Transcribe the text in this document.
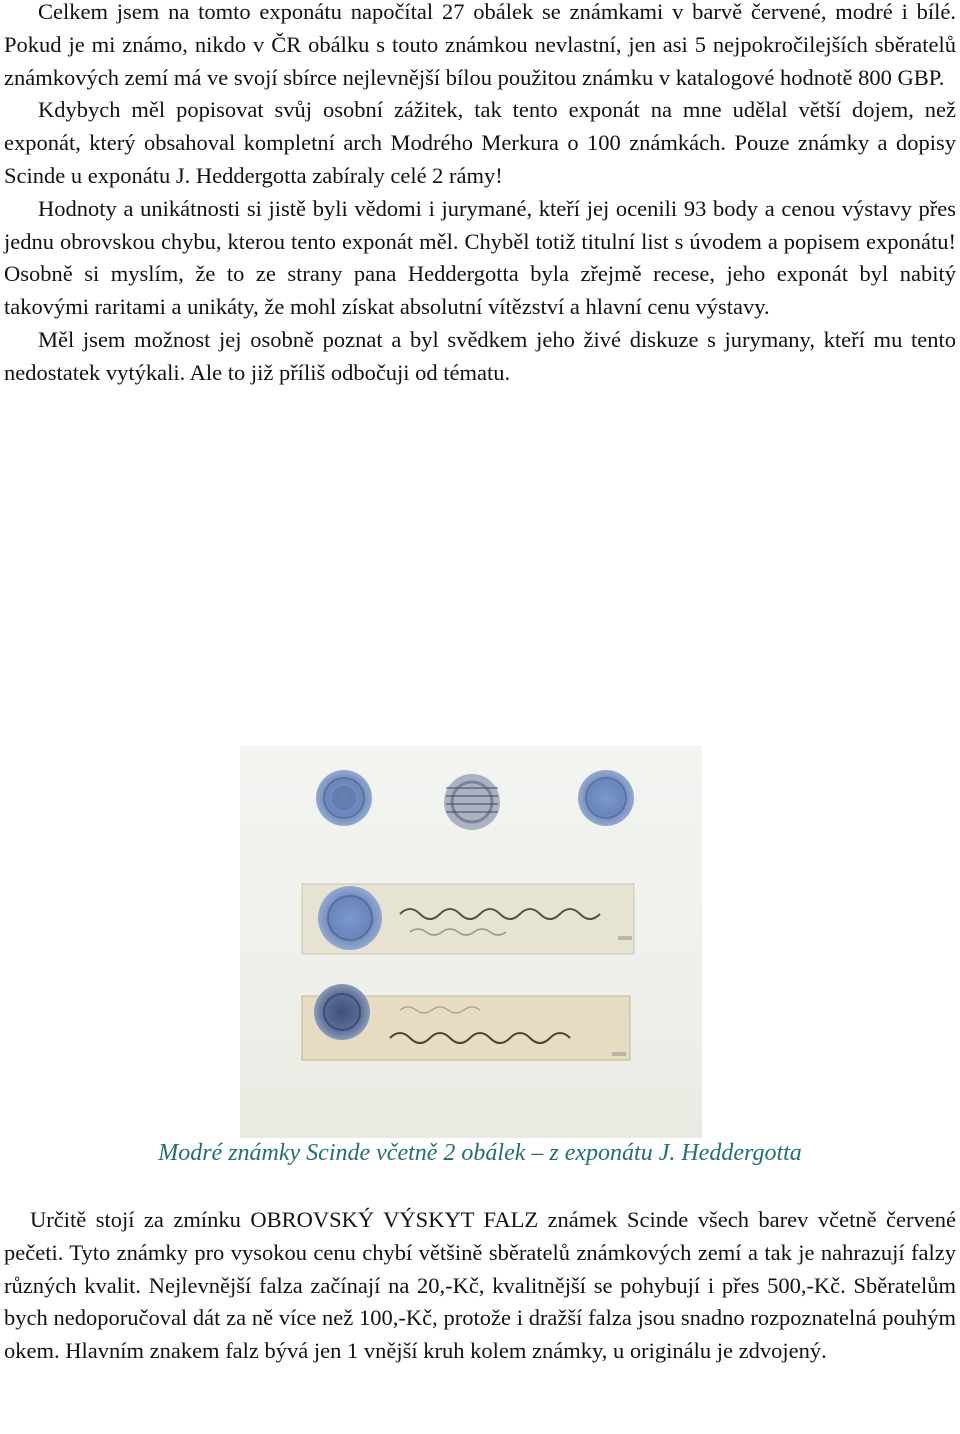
Celkem jsem na tomto exponátu napočítal 27 obálek se známkami v barvě červené, modré i bílé. Pokud je mi známo, nikdo v ČR obálku s touto známkou nevlastní, jen asi 5 nejpokročilejších sběratelů známkových zemí má ve svojí sbírce nejlevnější bílou použitou známku v katalogové hodnotě 800 GBP.

Kdybych měl popisovat svůj osobní zážitek, tak tento exponát na mne udělal větší dojem, než exponát, který obsahoval kompletní arch Modrého Merkura o 100 známkách. Pouze známky a dopisy Scinde u exponátu J. Heddergotta zabíraly celé 2 rámy!

Hodnoty a unikátnosti si jistě byli vědomi i jurymané, kteří jej ocenili 93 body a cenou výstavy přes jednu obrovskou chybu, kterou tento exponát měl. Chyběl totiž titulní list s úvodem a popisem exponátu! Osobně si myslím, že to ze strany pana Heddergotta byla zřejmě recese, jeho exponát byl nabitý takovými raritami a unikáty, že mohl získat absolutní vítězství a hlavní cenu výstavy.

Měl jsem možnost jej osobně poznat a byl svědkem jeho živé diskuze s jurymany, kteří mu tento nedostatek vytýkali. Ale to již příliš odbočuji od tématu.

Modré známky Scinde včetně 2 obálek – z exponátu J. Heddergotta

Určitě stojí za zmínku OBROVSKÝ VÝSKYT FALZ známek Scinde všech barev včetně červené pečeti. Tyto známky pro vysokou cenu chybí většině sběratelů známkových zemí a tak je nahrazují falzy různých kvalit. Nejlevnější falza začínají na 20,-Kč, kvalitnější se pohybují i přes 500,-Kč. Sběratelům bych nedoporučoval dát za ně více než 100,-Kč, protože i dražší falza jsou snadno rozpoznatelná pouhým okem. Hlavním znakem falz bývá jen 1 vnější kruh kolem známky, u originálu je zdvojený.
